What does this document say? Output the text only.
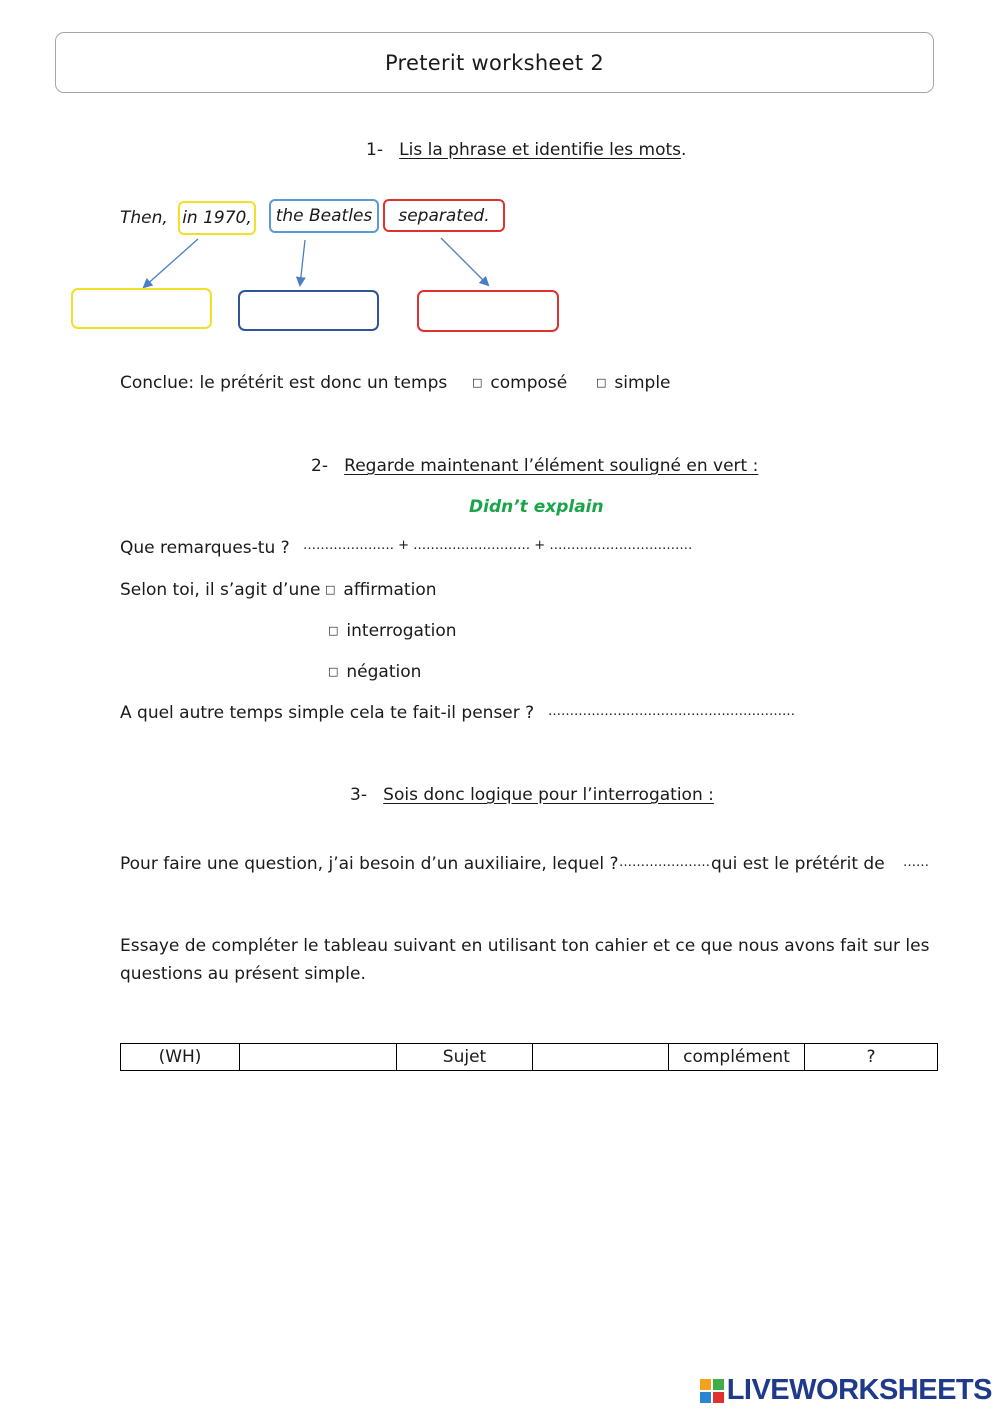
Preterit worksheet 2
1- Lis la phrase et identifie les mots.
Then, in 1970, the Beatles separated.
Conclue: le prétérit est donc un temps □ composé	□ simple
2- Regarde maintenant l’élément souligné en vert :
Didn’t explain
Que remarques-tu ? ………………… + ……………………… + ……………………………
Selon toi, il s’agit d’une □ affirmation
□ interrogation
□ négation
A quel autre temps simple cela te fait-il penser ? …………………………………………………
3- Sois donc logique pour l’interrogation :
Pour faire une question, j’ai besoin d’un auxiliaire, lequel ? ………………… qui est le prétérit de ……
Essaye de compléter le tableau suivant en utilisant ton cahier et ce que nous avons fait sur les
questions au présent simple.
(WH)		Sujet		complément	?
LIVEWORKSHEETS
